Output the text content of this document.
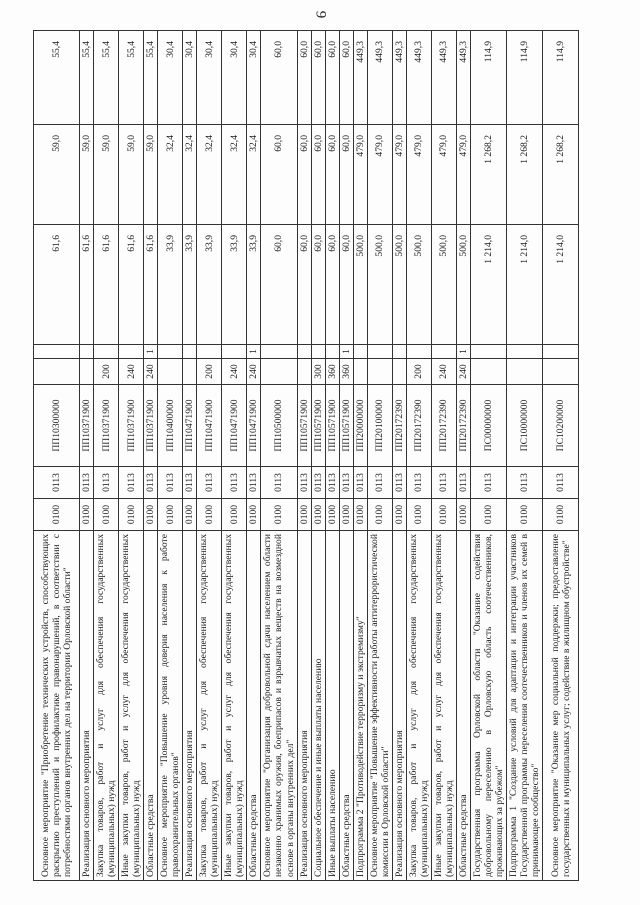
9
Основное мероприятие "Приобретение технических устройств, способствующих раскрытию преступлений и профилактике правонарушений, в соответствии с потребностями органов внутренних дел на территории Орловской области"	0100	0113	ПП10300000			61,6	59,0	55,4
Реализация основного мероприятия	0100	0113	ПП10371900			61,6	59,0	55,4
Закупка товаров, работ и услуг для обеспечения государственных (муниципальных) нужд	0100	0113	ПП10371900	200		61,6	59,0	55,4
Иные закупки товаров, работ и услуг для обеспечения государственных (муниципальных) нужд	0100	0113	ПП10371900	240		61,6	59,0	55,4
Областные средства	0100	0113	ПП10371900	240	1	61,6	59,0	55,4
Основное мероприятие "Повышение уровня доверия населения к работе правоохранительных органов"	0100	0113	ПП10400000			33,9	32,4	30,4
Реализация основного мероприятия	0100	0113	ПП10471900			33,9	32,4	30,4
Закупка товаров, работ и услуг для обеспечения государственных (муниципальных) нужд	0100	0113	ПП10471900	200		33,9	32,4	30,4
Иные закупки товаров, работ и услуг для обеспечения государственных (муниципальных) нужд	0100	0113	ПП10471900	240		33,9	32,4	30,4
Областные средства	0100	0113	ПП10471900	240	1	33,9	32,4	30,4
Основное мероприятие "Организация добровольной сдачи населением области незаконно хранимых оружия, боеприпасов и взрывчатых веществ на возмездной основе в органы внутренних дел"	0100	0113	ПП10500000			60,0	60,0	60,0
Реализация основного мероприятия	0100	0113	ПП10571900			60,0	60,0	60,0
Социальное обеспечение и иные выплаты населению	0100	0113	ПП10571900	300		60,0	60,0	60,0
Иные выплаты населению	0100	0113	ПП10571900	360		60,0	60,0	60,0
Областные средства	0100	0113	ПП10571900	360	1	60,0	60,0	60,0
Подпрограмма 2 "Противодействие терроризму и экстремизму"	0100	0113	ПП20000000			500,0	479,0	449,3
Основное мероприятие "Повышение эффективности работы антитеррористической комиссии в Орловской области"	0100	0113	ПП20100000			500,0	479,0	449,3
Реализация основного мероприятия	0100	0113	ПП20172390			500,0	479,0	449,3
Закупка товаров, работ и услуг для обеспечения государственных (муниципальных) нужд	0100	0113	ПП20172390	200		500,0	479,0	449,3
Иные закупки товаров, работ и услуг для обеспечения государственных (муниципальных) нужд	0100	0113	ПП20172390	240		500,0	479,0	449,3
Областные средства	0100	0113	ПП20172390	240	1	500,0	479,0	449,3
Государственная программа Орловской области "Оказание содействия добровольному переселению в Орловскую область соотечественников, проживающих за рубежом"	0100	0113	ПС00000000			1 214,0	1 268,2	114,9
Подпрограмма 1 "Создание условий для адаптации и интеграции участников Государственной программы переселения соотечественников и членов их семей в принимающее сообщество"	0100	0113	ПС10000000			1 214,0	1 268,2	114,9
Основное мероприятие "Оказание мер социальной поддержки; предоставление государственных и муниципальных услуг; содействие в жилищном обустройстве"	0100	0113	ПС10200000			1 214,0	1 268,2	114,9
